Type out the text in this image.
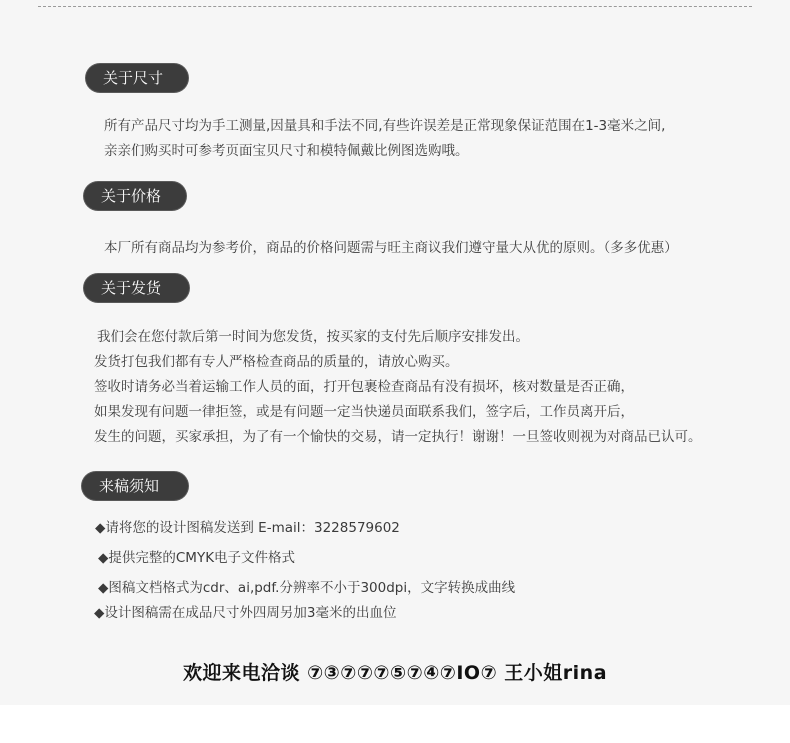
关于尺寸
所有产品尺寸均为手工测量,因量具和手法不同,有些许误差是正常现象保证范围在1-3毫米之间,
亲亲们购买时可参考页面宝贝尺寸和模特佩戴比例图选购哦。
关于价格
本厂所有商品均为参考价，商品的价格问题需与旺主商议我们遵守量大从优的原则。（多多优惠）
关于发货
我们会在您付款后第一时间为您发货，按买家的支付先后顺序安排发出。
发货打包我们都有专人严格检查商品的质量的，请放心购买。
签收时请务必当着运输工作人员的面，打开包裹检查商品有没有损坏，核对数量是否正确，
如果发现有问题一律拒签，或是有问题一定当快递员面联系我们，签字后，工作员离开后，
发生的问题，买家承担，为了有一个愉快的交易，请一定执行！谢谢！一旦签收则视为对商品已认可。
来稿须知
◆请将您的设计图稿发送到 E-mail：3228579602
◆提供完整的CMYK电子文件格式
◆图稿文档格式为cdr、ai,pdf.分辨率不小于300dpi，文字转换成曲线
◆设计图稿需在成品尺寸外四周另加3毫米的出血位
欢迎来电洽谈 ⑦③⑦⑦⑦⑤⑦④⑦IO⑦ 王小姐rina
